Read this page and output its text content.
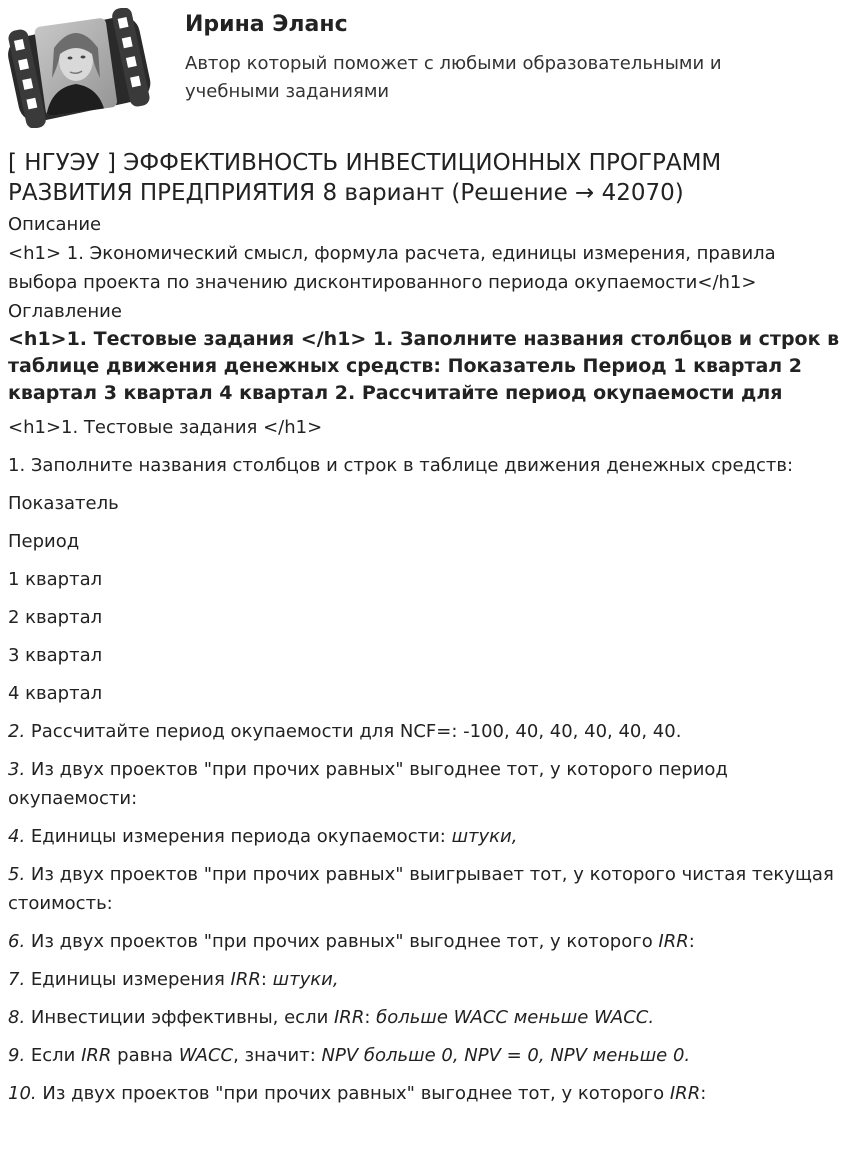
Ирина Эланс
Автор который поможет с любыми образовательными и учебными заданиями
[ НГУЭУ ] ЭФФЕКТИВНОСТЬ ИНВЕСТИЦИОННЫХ ПРОГРАММ РАЗВИТИЯ ПРЕДПРИЯТИЯ 8 вариант (Решение → 42070)

Описание

<h1> 1. Экономический смысл, формула расчета, единицы измерения, правила выбора проекта по значению дисконтированного периода окупаемости</h1>

Оглавление

<h1>1. Тестовые задания </h1> 1. Заполните названия столбцов и строк в таблице движения денежных средств: Показатель Период 1 квартал 2 квартал 3 квартал 4 квартал 2. Рассчитайте период окупаемости для

<h1>1. Тестовые задания </h1>

1. Заполните названия столбцов и строк в таблице движения денежных средств:

Показатель

Период

1 квартал

2 квартал

3 квартал

4 квартал

2. Рассчитайте период окупаемости для NCF=: -100, 40, 40, 40, 40, 40.

3. Из двух проектов "при прочих равных" выгоднее тот, у которого период окупаемости:

4. Единицы измерения периода окупаемости: штуки,

5. Из двух проектов "при прочих равных" выигрывает тот, у которого чистая текущая стоимость:

6. Из двух проектов "при прочих равных" выгоднее тот, у которого IRR:

7. Единицы измерения IRR: штуки,

8. Инвестиции эффективны, если IRR: больше WACC меньше WACC.

9. Если IRR равна WACC, значит: NPV больше 0, NPV = 0, NPV меньше 0.

10. Из двух проектов "при прочих равных" выгоднее тот, у которого IRR:
